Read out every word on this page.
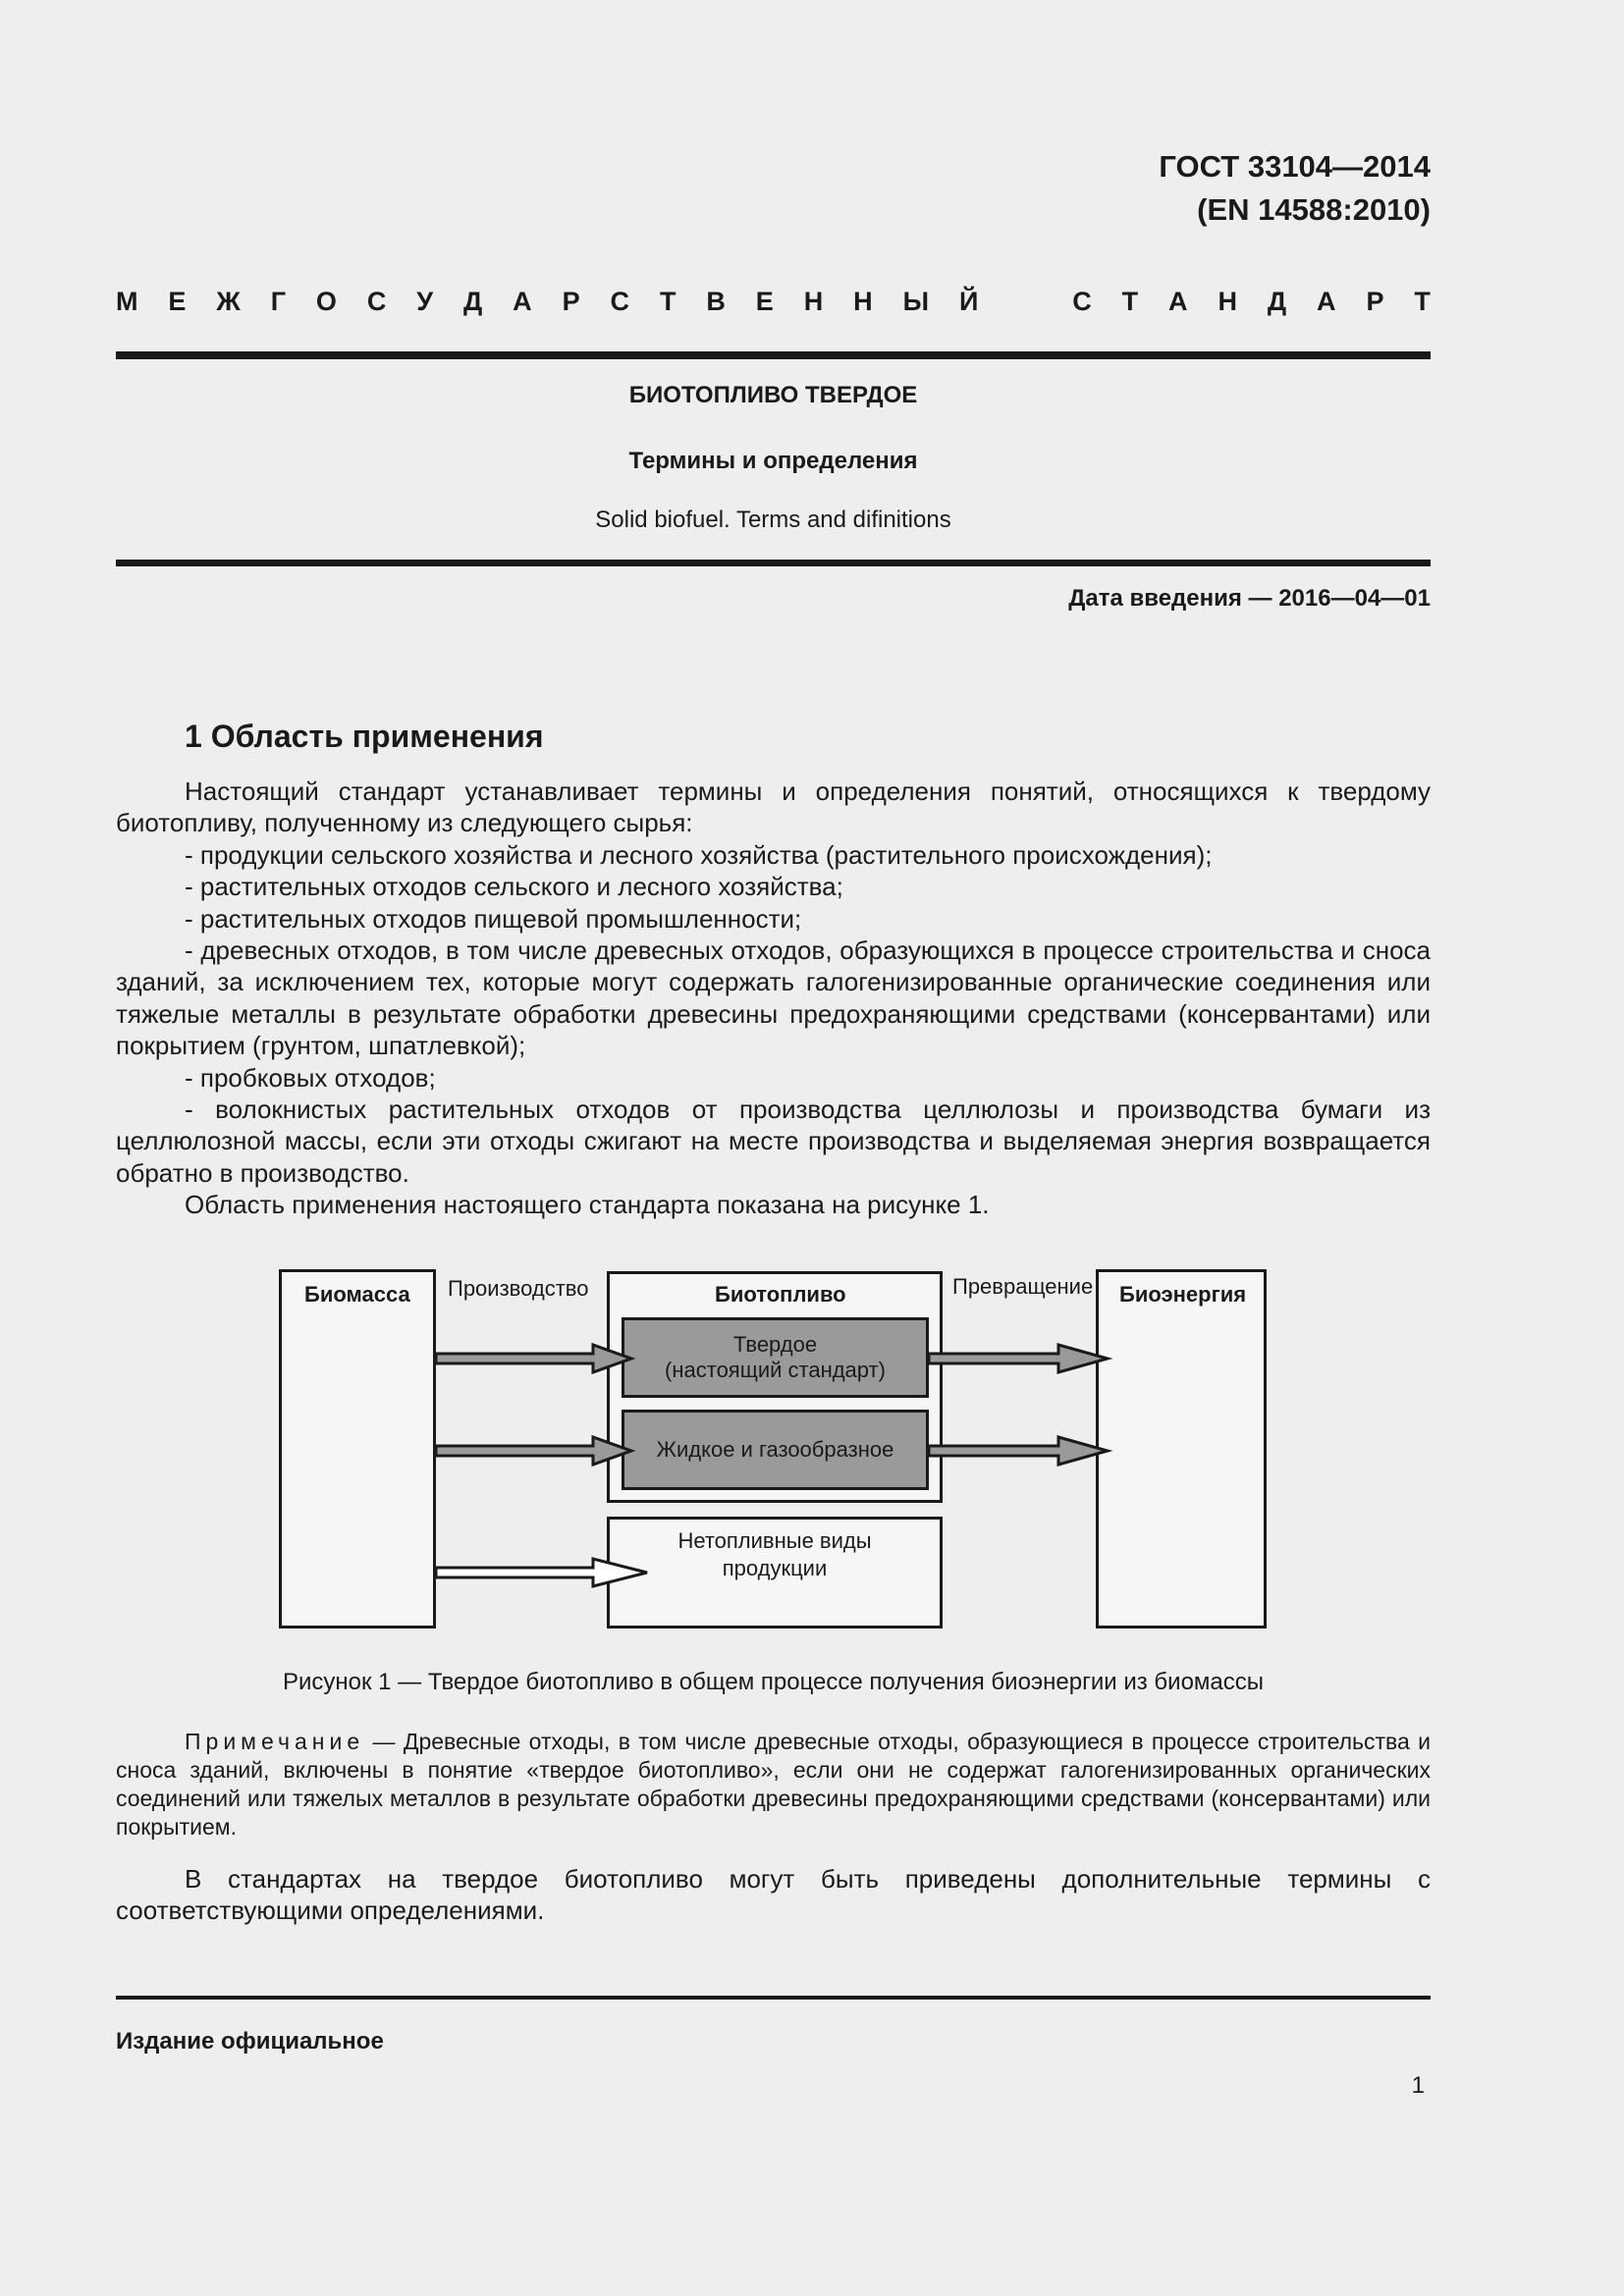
ГОСТ 33104—2014
(EN 14588:2010)
М Е Ж Г О С У Д А Р С Т В Е Н Н Ы Й	С Т А Н Д А Р Т
БИОТОПЛИВО ТВЕРДОЕ
Термины и определения
Solid biofuel. Terms and difinitions
Дата введения — 2016—04—01
1 Область применения

Настоящий стандарт устанавливает термины и определения понятий, относящихся к твердому биотопливу, полученному из следующего сырья:

- продукции сельского хозяйства и лесного хозяйства (растительного происхождения);

- растительных отходов сельского и лесного хозяйства;

- растительных отходов пищевой промышленности;

- древесных отходов, в том числе древесных отходов, образующихся в процессе строительства и сноса зданий, за исключением тех, которые могут содержать галогенизированные органические соединения или тяжелые металлы в результате обработки древесины предохраняющими средствами (консервантами) или покрытием (грунтом, шпатлевкой);

- пробковых отходов;

- волокнистых растительных отходов от производства целлюлозы и производства бумаги из целлюлозной массы, если эти отходы сжигают на месте производства и выделяемая энергия возвращается обратно в производство.

Область применения настоящего стандарта показана на рисунке 1.

Биомасса Производство	Биотопливо
Твердое
(настоящий стандарт)
Жидкое и газообразное
Нетопливные виды
продукции
Превращение Биоэнергия
Рисунок 1 — Твердое биотопливо в общем процессе получения биоэнергии из биомассы

Примечание — Древесные отходы, в том числе древесные отходы, образующиеся в процессе строительства и сноса зданий, включены в понятие «твердое биотопливо», если они не содержат галогенизированных органических соединений или тяжелых металлов в результате обработки древесины предохраняющими средствами (консервантами) или покрытием.

В стандартах на твердое биотопливо могут быть приведены дополнительные термины с соответствующими определениями.

Издание официальное
1
